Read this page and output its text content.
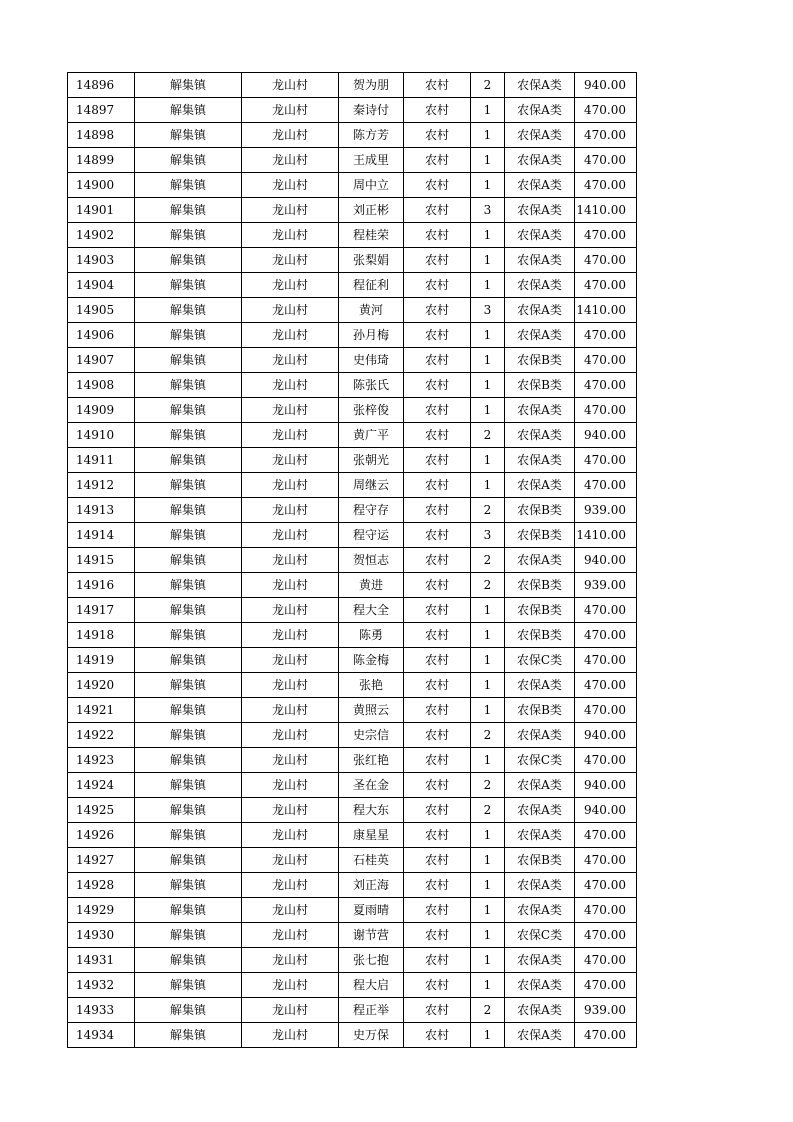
14896	解集镇	龙山村	贺为朋	农村	2	农保A类	940.00
14897	解集镇	龙山村	秦诗付	农村	1	农保A类	470.00
14898	解集镇	龙山村	陈方芳	农村	1	农保A类	470.00
14899	解集镇	龙山村	王成里	农村	1	农保A类	470.00
14900	解集镇	龙山村	周中立	农村	1	农保A类	470.00
14901	解集镇	龙山村	刘正彬	农村	3	农保A类	1410.00
14902	解集镇	龙山村	程桂荣	农村	1	农保A类	470.00
14903	解集镇	龙山村	张梨娟	农村	1	农保A类	470.00
14904	解集镇	龙山村	程征利	农村	1	农保A类	470.00
14905	解集镇	龙山村	黄河	农村	3	农保A类	1410.00
14906	解集镇	龙山村	孙月梅	农村	1	农保A类	470.00
14907	解集镇	龙山村	史伟琦	农村	1	农保B类	470.00
14908	解集镇	龙山村	陈张氏	农村	1	农保B类	470.00
14909	解集镇	龙山村	张梓俊	农村	1	农保A类	470.00
14910	解集镇	龙山村	黄广平	农村	2	农保A类	940.00
14911	解集镇	龙山村	张朝光	农村	1	农保A类	470.00
14912	解集镇	龙山村	周继云	农村	1	农保A类	470.00
14913	解集镇	龙山村	程守存	农村	2	农保B类	939.00
14914	解集镇	龙山村	程守运	农村	3	农保B类	1410.00
14915	解集镇	龙山村	贺恒志	农村	2	农保A类	940.00
14916	解集镇	龙山村	黄进	农村	2	农保B类	939.00
14917	解集镇	龙山村	程大全	农村	1	农保B类	470.00
14918	解集镇	龙山村	陈勇	农村	1	农保B类	470.00
14919	解集镇	龙山村	陈金梅	农村	1	农保C类	470.00
14920	解集镇	龙山村	张艳	农村	1	农保A类	470.00
14921	解集镇	龙山村	黄照云	农村	1	农保B类	470.00
14922	解集镇	龙山村	史宗信	农村	2	农保A类	940.00
14923	解集镇	龙山村	张红艳	农村	1	农保C类	470.00
14924	解集镇	龙山村	圣在金	农村	2	农保A类	940.00
14925	解集镇	龙山村	程大东	农村	2	农保A类	940.00
14926	解集镇	龙山村	康星星	农村	1	农保A类	470.00
14927	解集镇	龙山村	石桂英	农村	1	农保B类	470.00
14928	解集镇	龙山村	刘正海	农村	1	农保A类	470.00
14929	解集镇	龙山村	夏雨晴	农村	1	农保A类	470.00
14930	解集镇	龙山村	谢节营	农村	1	农保C类	470.00
14931	解集镇	龙山村	张七抱	农村	1	农保A类	470.00
14932	解集镇	龙山村	程大启	农村	1	农保A类	470.00
14933	解集镇	龙山村	程正举	农村	2	农保A类	939.00
14934	解集镇	龙山村	史万保	农村	1	农保A类	470.00
